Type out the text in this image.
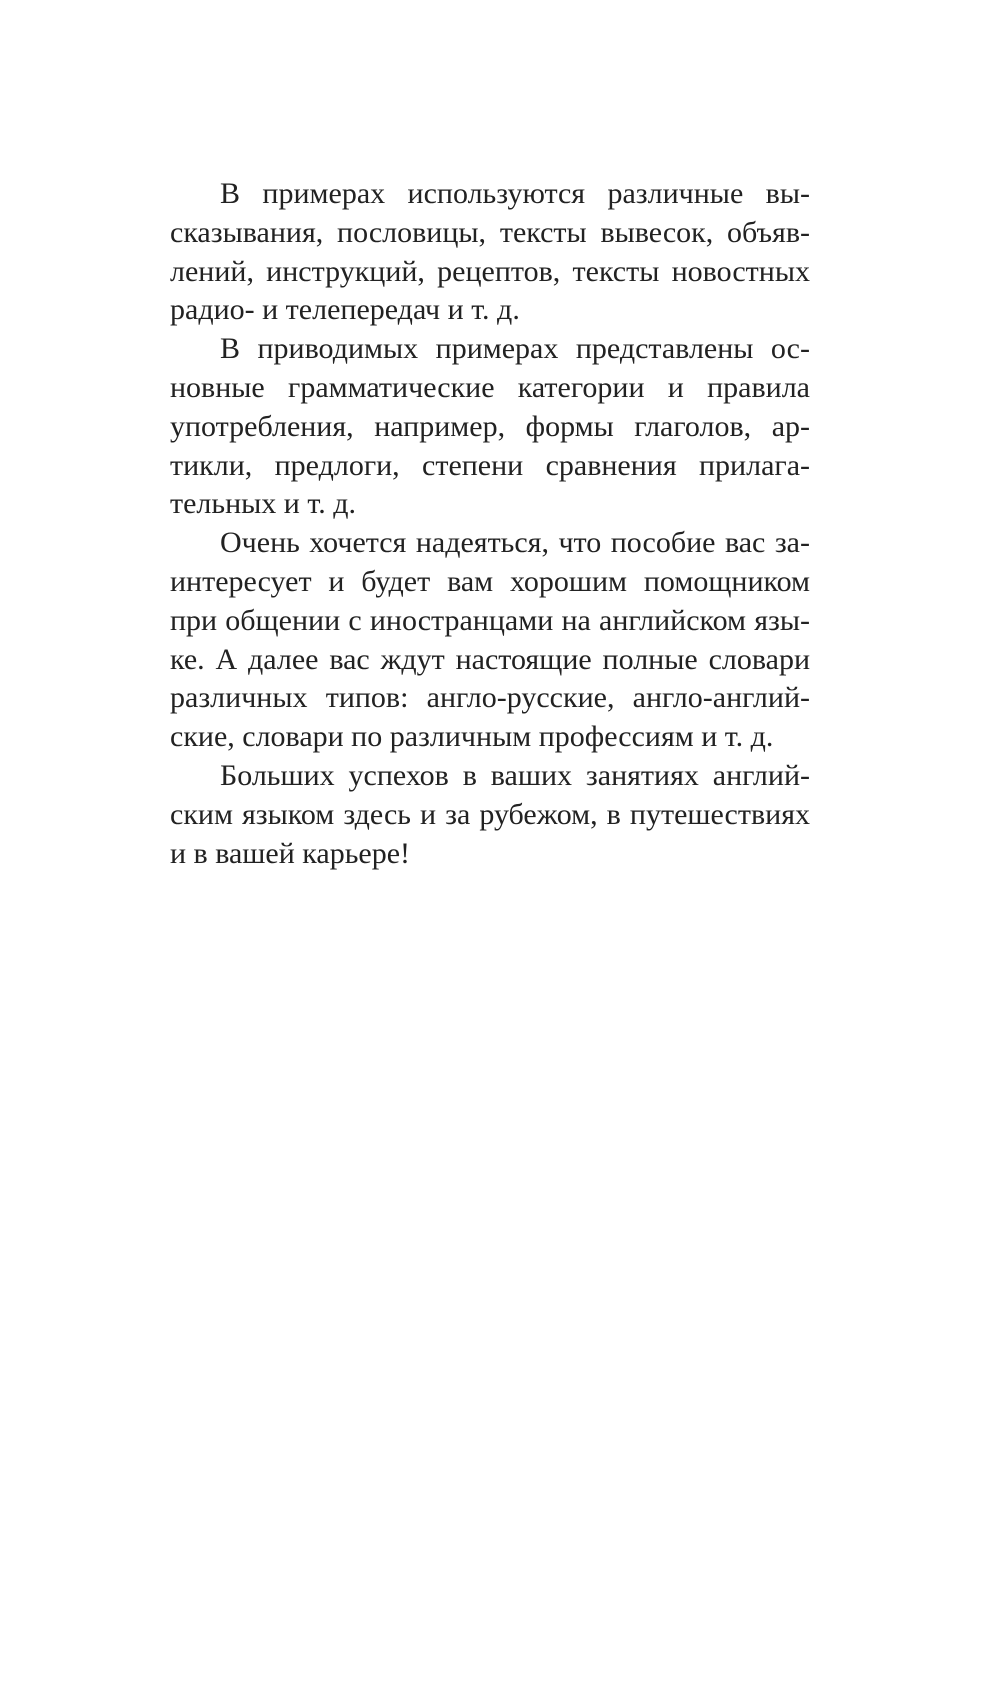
В примерах используются различные вы-
сказывания, пословицы, тексты вывесок, объяв-
лений, инструкций, рецептов, тексты новостных
радио- и телепередач и т. д.

В приводимых примерах представлены ос-
новные грамматические категории и правила
употребления, например, формы глаголов, ар-
тикли, предлоги, степени сравнения прилага-
тельных и т. д.

Очень хочется надеяться, что пособие вас за-
интересует и будет вам хорошим помощником
при общении с иностранцами на английском язы-
ке. А далее вас ждут настоящие полные словари
различных типов: англо-русские, англо-англий-
ские, словари по различным профессиям и т. д.

Больших успехов в ваших занятиях англий-
ским языком здесь и за рубежом, в путешествиях
и в вашей карьере!
